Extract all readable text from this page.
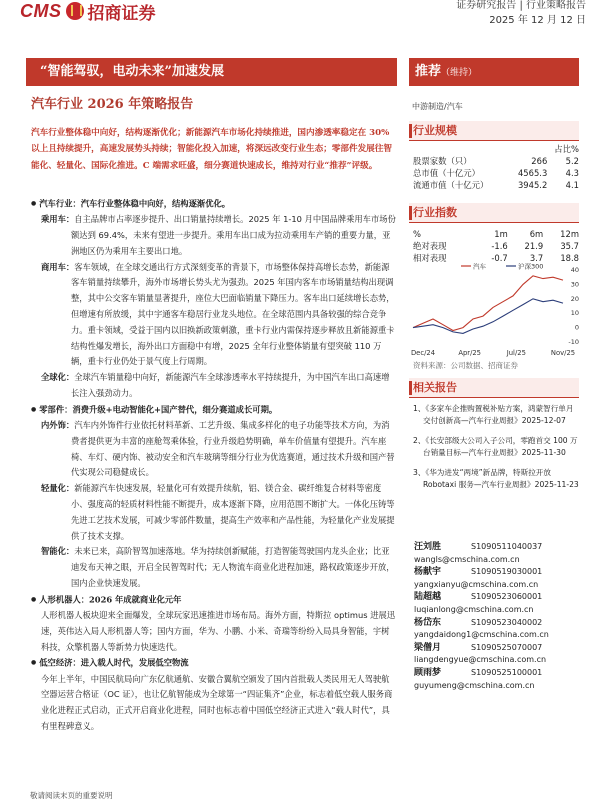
CMS 招商证券	证券研究报告 | 行业策略报告
2025 年 12 月 12 日
“智能驾驭，电动未来”加速发展
汽车行业 2026 年策略报告
推荐（维持）
中游制造/汽车
汽车行业整体稳中向好，结构逐渐优化；新能源汽车市场化持续推进，国内渗透率稳定在 30%以上且持续提升，高速发展势头持续；智能化投入加速，将深远改变行业生态；零部件发展往智能化、轻量化、国际化推进。C 端需求旺盛，细分赛道快速成长，维持对行业“推荐”评级。

● 汽车行业：汽车行业整体稳中向好，结构逐渐优化。

乘用车：自主品牌市占率逐步提升、出口销量持续增长。2025 年 1-10 月中国品牌乘用车市场份额达到 69.4%，未来有望进一步提升。乘用车出口成为拉动乘用车产销的重要力量，亚洲地区仍为乘用车主要出口地。

商用车：客车领域，在全球交通出行方式深刻变革的背景下，市场整体保持高增长态势，新能源客车销量持续攀升，海外市场增长势头尤为强劲。2025 年国内客车市场销量结构出现调整，其中公交客车销量显著提升，座位大巴面临销量下降压力。客车出口延续增长态势，但增速有所放缓，其中宇通客车稳居行业龙头地位。在全球范围内具备较强的综合竞争力。重卡领域，受益于国内以旧换新政策刺激，重卡行业内需保持逐步释放且新能源重卡结构性爆发增长，海外出口方面稳中有增，2025 全年行业整体销量有望突破 110 万辆，重卡行业仍处于景气度上行周期。

全球化：全球汽车销量稳中向好，新能源汽车全球渗透率水平持续提升，为中国汽车出口高速增长注入强劲动力。

● 零部件：消费升级+电动智能化+国产替代，细分赛道成长可期。

内外饰：汽车内外饰件行业依托材料革新、工艺升级、集成多样化的电子功能等技术方向，为消费者提供更为丰富的座舱驾乘体验，行业升级趋势明确，单车价值量有望提升。汽车座椅、车灯、硬内饰、被动安全和汽车玻璃等细分行业为优选赛道，通过技术升级和国产替代实现公司稳健成长。

轻量化：新能源汽车快速发展，轻量化可有效提升续航，铝、镁合金、碳纤维复合材料等密度小、强度高的轻质材料性能不断提升，成本逐渐下降，应用范围不断扩大。一体化压铸等先进工艺技术发展，可减少零部件数量，提高生产效率和产品性能，为轻量化产业发展提供了技术支撑。

智能化：未来已来，高阶智驾加速落地。华为持续创新赋能，打造智能驾驶国内龙头企业；比亚迪发布天神之眼，开启全民智驾时代；无人物流车商业化进程加速，路权政策逐步开放，国内企业快速发展。

● 人形机器人：2026 年成就商业化元年

人形机器人板块迎来全面爆发，全球玩家迅速推进市场布局。海外方面，特斯拉 optimus 进展迅速，英伟达入局人形机器人等；国内方面，华为、小鹏、小米、奇瑞等纷纷入局具身智能，宇树科技，众擎机器人等新势力快速迭代。

● 低空经济：进入载人时代，发展低空物流

今年上半年，中国民航局向广东亿航通航、安徽合翼航空颁发了国内首批载人类民用无人驾驶航空器运营合格证（OC 证），也让亿航智能成为全球第一“四证集齐”企业，标志着低空载人服务商业化进程正式启动，正式开启商业化进程，同时也标志着中国低空经济正式进入“载人时代”，具有里程碑意义。

行业规模
		占比%
股票家数（只）	266	5.2
总市值（十亿元）	4565.3	4.3
流通市值（十亿元）	3945.2	4.1
行业指数
%	1m	6m	12m
绝对表现	-1.6	21.9	35.7
相对表现	-0.7	3.7	18.8
汽车	沪深300	40
30
20
10
0
-10
Dec/24	Apr/25	Jul/25	Nov/25
资料来源：公司数据、招商证券
相关报告
1、《多家车企推购置税补贴方案，鸿蒙智行单月交付创新高—汽车行业周报》2025-12-07
2、《长安部级大公司入子公司，零跑首交 100 万台销量目标—汽车行业周报》2025-11-30
3、《华为进发“两境”新品牌，特斯拉开放 Robotaxi 服务—汽车行业周报》2025-11-23
汪刘胜	S1090511040037
wangls@cmschina.com.cn
杨献宇	S1090519030001
yangxianyu@cmschina.com.cn
陆超越	S1090523060001
luqianlong@cmschina.com.cn
杨岱东	S1090523040002
yangdaidong1@cmschina.com.cn
梁僧月	S1090525070007
liangdengyue@cmschina.com.cn
顾雨梦	S1090525100001
guyumeng@cmschina.com.cn
敬请阅读末页的重要说明
